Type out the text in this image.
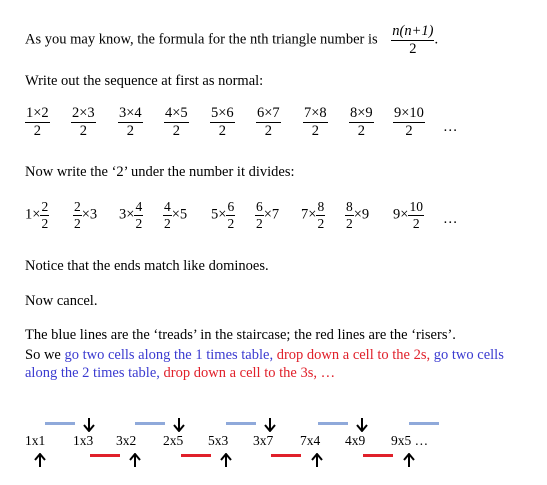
As you may know, the formula for the nth triangle number is $\frac{n(n+1)}{2}$ .
Write out the sequence at first as normal:
$\frac{1\times 2}{2} \frac{2\times 3}{2} \frac{3\times 4}{2} \frac{4\times 5}{2} \frac{5\times 6}{2} \frac{6\times 7}{2} \frac{7\times 8}{2} \frac{8\times 9}{2} \frac{9\times 10}{2}$ …
Now write the ‘2’ under the number it divides:
$1\times \frac{2}{2} \frac{2}{2} \times 3$ $3\times \frac{4}{2} \frac{4}{2} \times 5$ $5\times \frac{6}{2} \frac{6}{2} \times 7$ $7\times \frac{8}{2} \frac{8}{2} \times 9$ $9\times \frac{10}{2}$ …
Notice that the ends match like dominoes.
Now cancel.
The blue lines are the ‘treads’ in the staircase; the red lines are the ‘risers’.
So we go two cells along the 1 times table, drop down a cell to the 2s, go two cells
along the 2 times table, drop down a cell to the 3s, …
1x1 1x3 3x2 2x5 5x3 3x7 7x4 4x9 9x5 …
